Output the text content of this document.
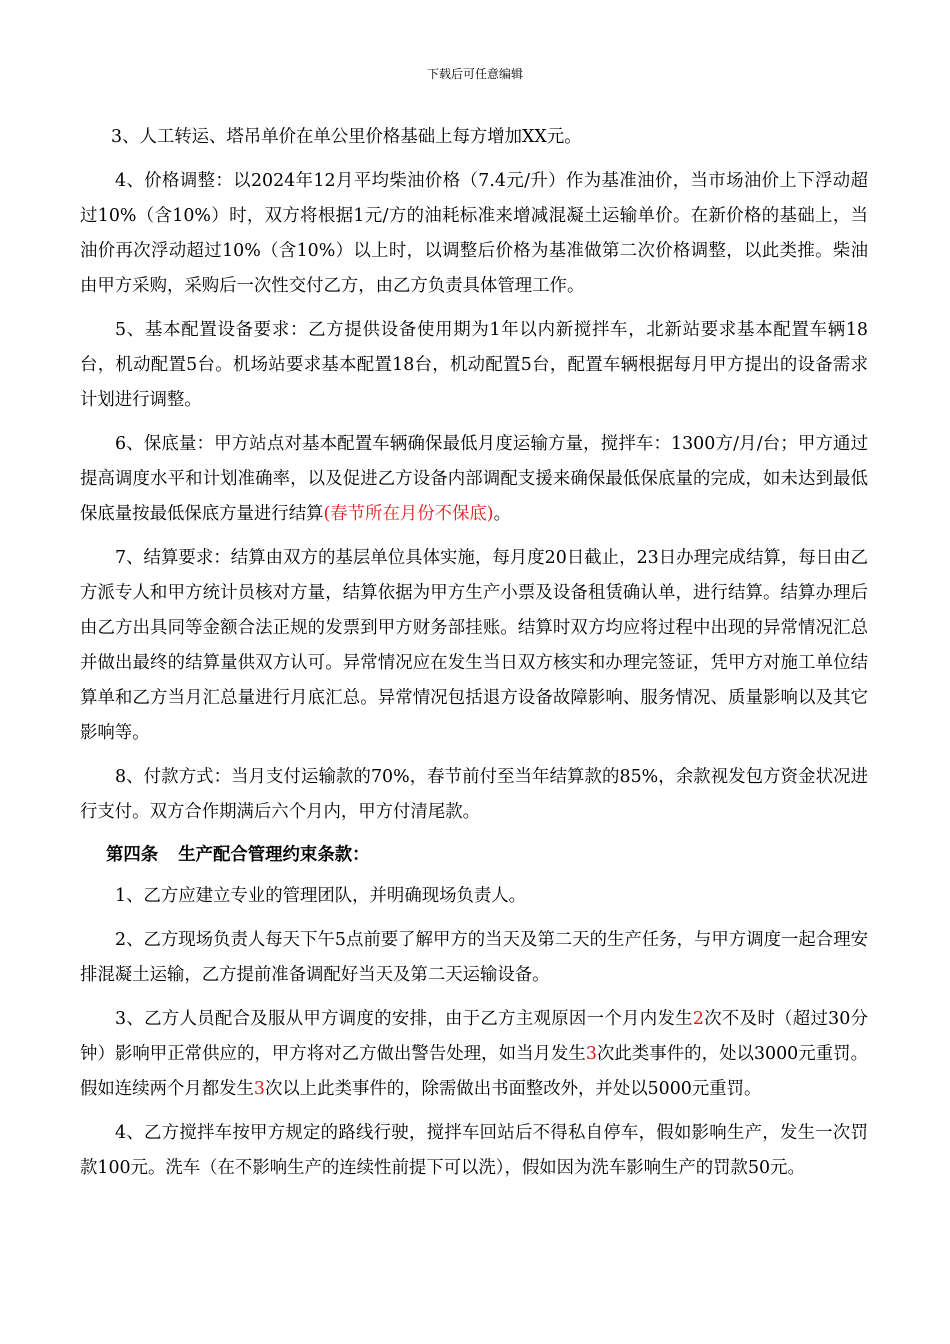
下载后可任意编辑

3、人工转运、塔吊单价在单公里价格基础上每方增加XX元。

4、价格调整：以2024年12月平均柴油价格（7.4元/升）作为基准油价，当市场油价上下浮动超过10%（含10%）时，双方将根据1元/方的油耗标准来增减混凝土运输单价。在新价格的基础上，当油价再次浮动超过10%（含10%）以上时，以调整后价格为基准做第二次价格调整，以此类推。柴油由甲方采购，采购后一次性交付乙方，由乙方负责具体管理工作。

5、基本配置设备要求：乙方提供设备使用期为1年以内新搅拌车，北新站要求基本配置车辆18台，机动配置5台。机场站要求基本配置18台，机动配置5台，配置车辆根据每月甲方提出的设备需求计划进行调整。

6、保底量：甲方站点对基本配置车辆确保最低月度运输方量，搅拌车：1300方/月/台；甲方通过提高调度水平和计划准确率，以及促进乙方设备内部调配支援来确保最低保底量的完成，如未达到最低保底量按最低保底方量进行结算(春节所在月份不保底)。

7、结算要求：结算由双方的基层单位具体实施，每月度20日截止，23日办理完成结算，每日由乙方派专人和甲方统计员核对方量，结算依据为甲方生产小票及设备租赁确认单，进行结算。结算办理后由乙方出具同等金额合法正规的发票到甲方财务部挂账。结算时双方均应将过程中出现的异常情况汇总并做出最终的结算量供双方认可。异常情况应在发生当日双方核实和办理完签证，凭甲方对施工单位结算单和乙方当月汇总量进行月底汇总。异常情况包括退方设备故障影响、服务情况、质量影响以及其它影响等。

8、付款方式：当月支付运输款的70%，春节前付至当年结算款的85%，余款视发包方资金状况进行支付。双方合作期满后六个月内，甲方付清尾款。

第四条 生产配合管理约束条款：

1、乙方应建立专业的管理团队，并明确现场负责人。

2、乙方现场负责人每天下午5点前要了解甲方的当天及第二天的生产任务，与甲方调度一起合理安排混凝土运输，乙方提前准备调配好当天及第二天运输设备。

3、乙方人员配合及服从甲方调度的安排，由于乙方主观原因一个月内发生2次不及时（超过30分钟）影响甲正常供应的，甲方将对乙方做出警告处理，如当月发生3次此类事件的，处以3000元重罚。假如连续两个月都发生3次以上此类事件的，除需做出书面整改外，并处以5000元重罚。

4、乙方搅拌车按甲方规定的路线行驶，搅拌车回站后不得私自停车，假如影响生产，发生一次罚款100元。洗车（在不影响生产的连续性前提下可以洗），假如因为洗车影响生产的罚款50元。
